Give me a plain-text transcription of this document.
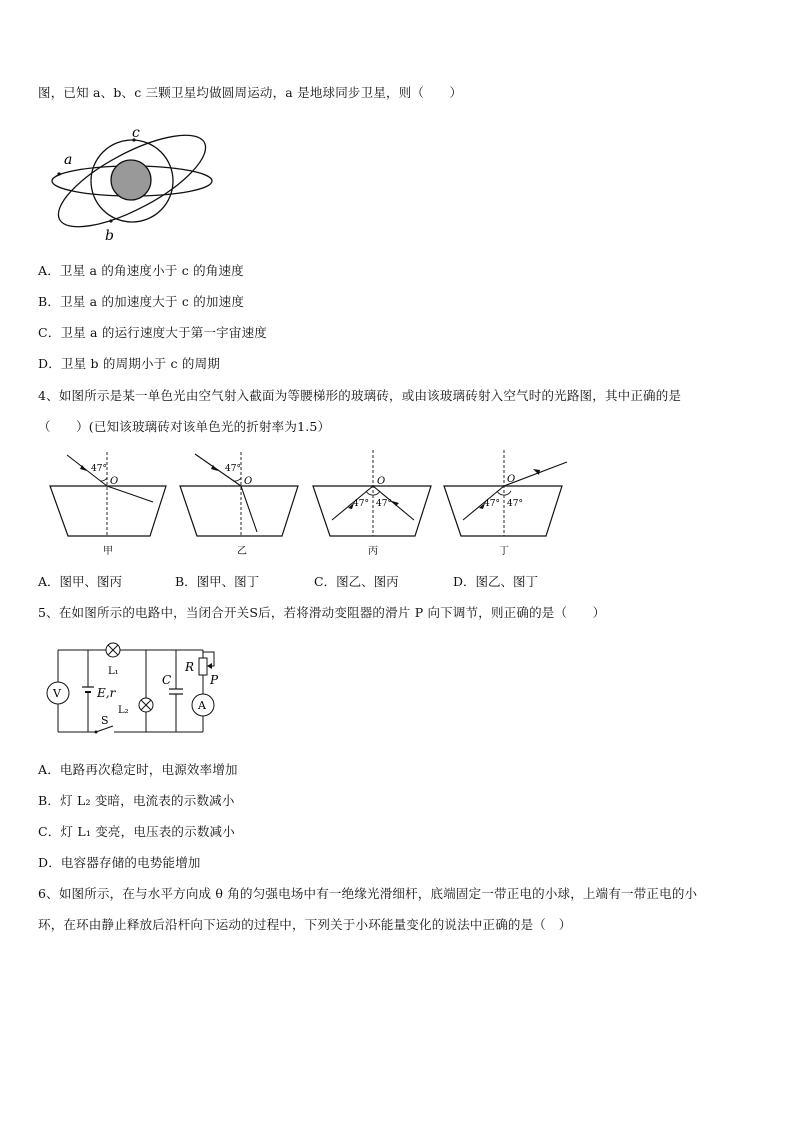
图，已知 a、b、c 三颗卫星均做圆周运动，a 是地球同步卫星，则（　　）
a
c
b
A．卫星 a 的角速度小于 c 的角速度
B．卫星 a 的加速度大于 c 的加速度
C．卫星 a 的运行速度大于第一宇宙速度
D．卫星 b 的周期小于 c 的周期
4、如图所示是某一单色光由空气射入截面为等腰梯形的玻璃砖，或由该玻璃砖射入空气时的光路图，其中正确的是
（　　）(已知该玻璃砖对该单色光的折射率为1.5）
47°
O
甲
47°
O
乙
O
47° 47°
丙
O
47° 47°
丁
A．图甲、图丙	B．图甲、图丁	C．图乙、图丙	D．图乙、图丁
5、在如图所示的电路中，当闭合开关S后，若将滑动变阻器的滑片 P 向下调节，则正确的是（　　）
V	E,r
L₁
S
L₂
C
R
P
A
A．电路再次稳定时，电源效率增加
B．灯 L₂ 变暗，电流表的示数减小
C．灯 L₁ 变亮，电压表的示数减小
D．电容器存储的电势能增加
6、如图所示，在与水平方向成 θ 角的匀强电场中有一绝缘光滑细杆，底端固定一带正电的小球，上端有一带正电的小
环，在环由静止释放后沿杆向下运动的过程中，下列关于小环能量变化的说法中正确的是（　）
